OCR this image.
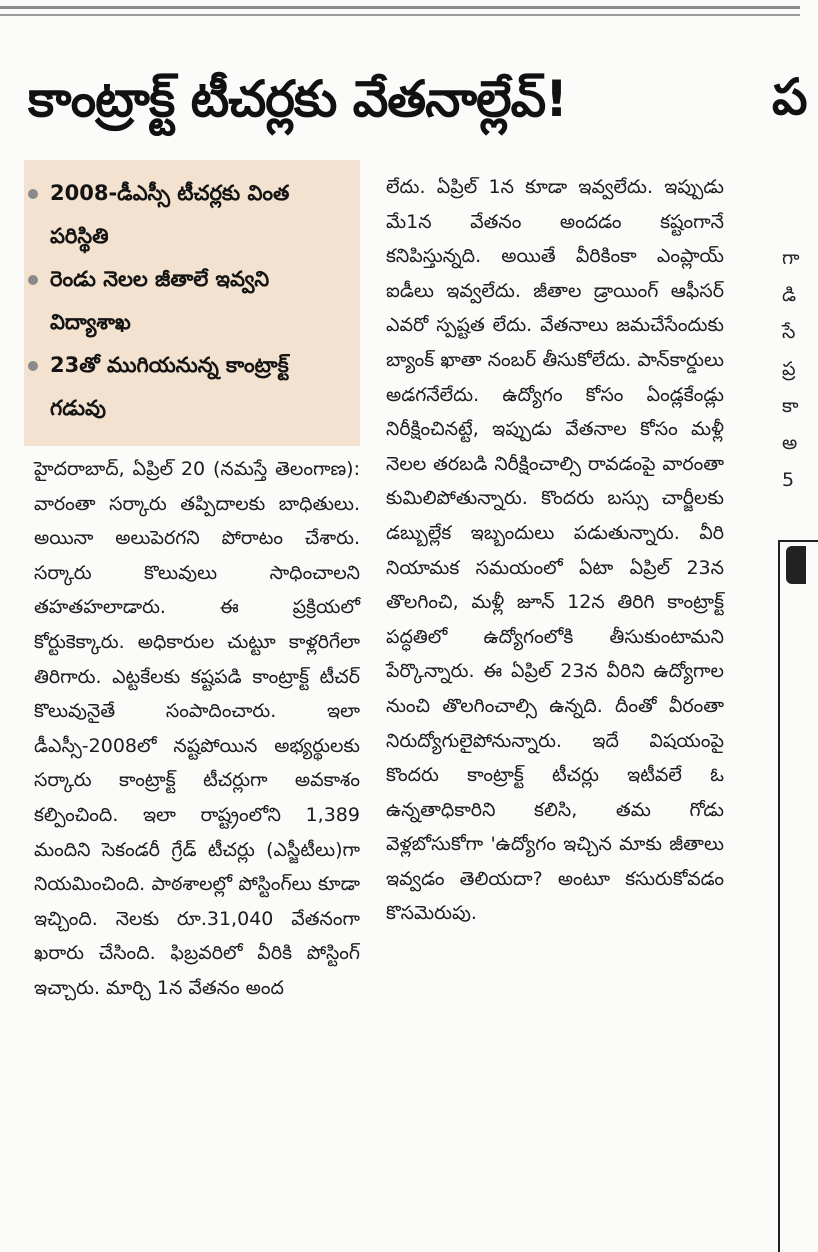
కాంట్రాక్ట్ టీచర్లకు వేతనాల్లేవ్!	ప
2008-డీఎస్సీ టీచర్లకు వింత పరిస్థితి
రెండు నెలల జీతాలే ఇవ్వని విద్యాశాఖ
23తో ముగియనున్న కాంట్రాక్ట్ గడువు
హైదరాబాద్, ఏప్రిల్ 20 (నమస్తే తెలంగాణ): వారంతా సర్కారు తప్పిదాలకు బాధితులు. అయినా అలుపెరగని పోరాటం చేశారు. సర్కారు కొలువులు సాధించాలని తహతహలాడారు. ఈ ప్రక్రియలో కోర్టుకెక్కారు. అధికారుల చుట్టూ కాళ్లరిగేలా తిరిగారు. ఎట్టకేలకు కష్టపడి కాంట్రాక్ట్ టీచర్ కొలువునైతే సంపాదించారు. ఇలా డీఎస్సీ-2008లో నష్టపోయిన అభ్యర్థులకు సర్కారు కాంట్రాక్ట్ టీచర్లుగా అవకాశం కల్పించింది. ఇలా రాష్ట్రంలోని 1,389 మందిని సెకండరీ గ్రేడ్ టీచర్లు (ఎస్జీటీలు)గా నియమించింది. పాఠశాలల్లో పోస్టింగ్‌లు కూడా ఇచ్చింది. నెలకు రూ.31,040 వేతనంగా ఖరారు చేసింది. ఫిబ్రవరిలో వీరికి పోస్టింగ్ ఇచ్చారు. మార్చి 1న వేతనం అంద
లేదు. ఏప్రిల్ 1న కూడా ఇవ్వలేదు. ఇప్పుడు మే1న వేతనం అందడం కష్టంగానే కనిపిస్తున్నది. అయితే వీరికింకా ఎంప్లాయ్ ఐడీలు ఇవ్వలేదు. జీతాల డ్రాయింగ్ ఆఫీసర్ ఎవరో స్పష్టత లేదు. వేతనాలు జమచేసేందుకు బ్యాంక్ ఖాతా నంబర్ తీసుకోలేదు. పాన్‌కార్డులు అడగనేలేదు. ఉద్యోగం కోసం ఏండ్లకేండ్లు నిరీక్షించినట్టే, ఇప్పుడు వేతనాల కోసం మళ్లీ నెలల తరబడి నిరీక్షించాల్సి రావడంపై వారంతా కుమిలిపోతున్నారు. కొందరు బస్సు చార్జీలకు డబ్బుల్లేక ఇబ్బందులు పడుతున్నారు. వీరి నియామక సమయంలో ఏటా ఏప్రిల్ 23న తొలగించి, మళ్లీ జూన్ 12న తిరిగి కాంట్రాక్ట్ పద్ధతిలో ఉద్యోగంలోకి తీసుకుంటామని పేర్కొన్నారు. ఈ ఏప్రిల్ 23న వీరిని ఉద్యోగాల నుంచి తొలగించాల్సి ఉన్నది. దీంతో వీరంతా నిరుద్యోగులైపోనున్నారు. ఇదే విషయంపై కొందరు కాంట్రాక్ట్ టీచర్లు ఇటీవలే ఓ ఉన్నతాధికారిని కలిసి, తమ గోడు వెళ్లబోసుకోగా 'ఉద్యోగం ఇచ్చిన మాకు జీతాలు ఇవ్వడం తెలియదా? అంటూ కసురుకోవడం కొసమెరుపు.
గా
డి
సే
ప్ర
కా
అ
5
